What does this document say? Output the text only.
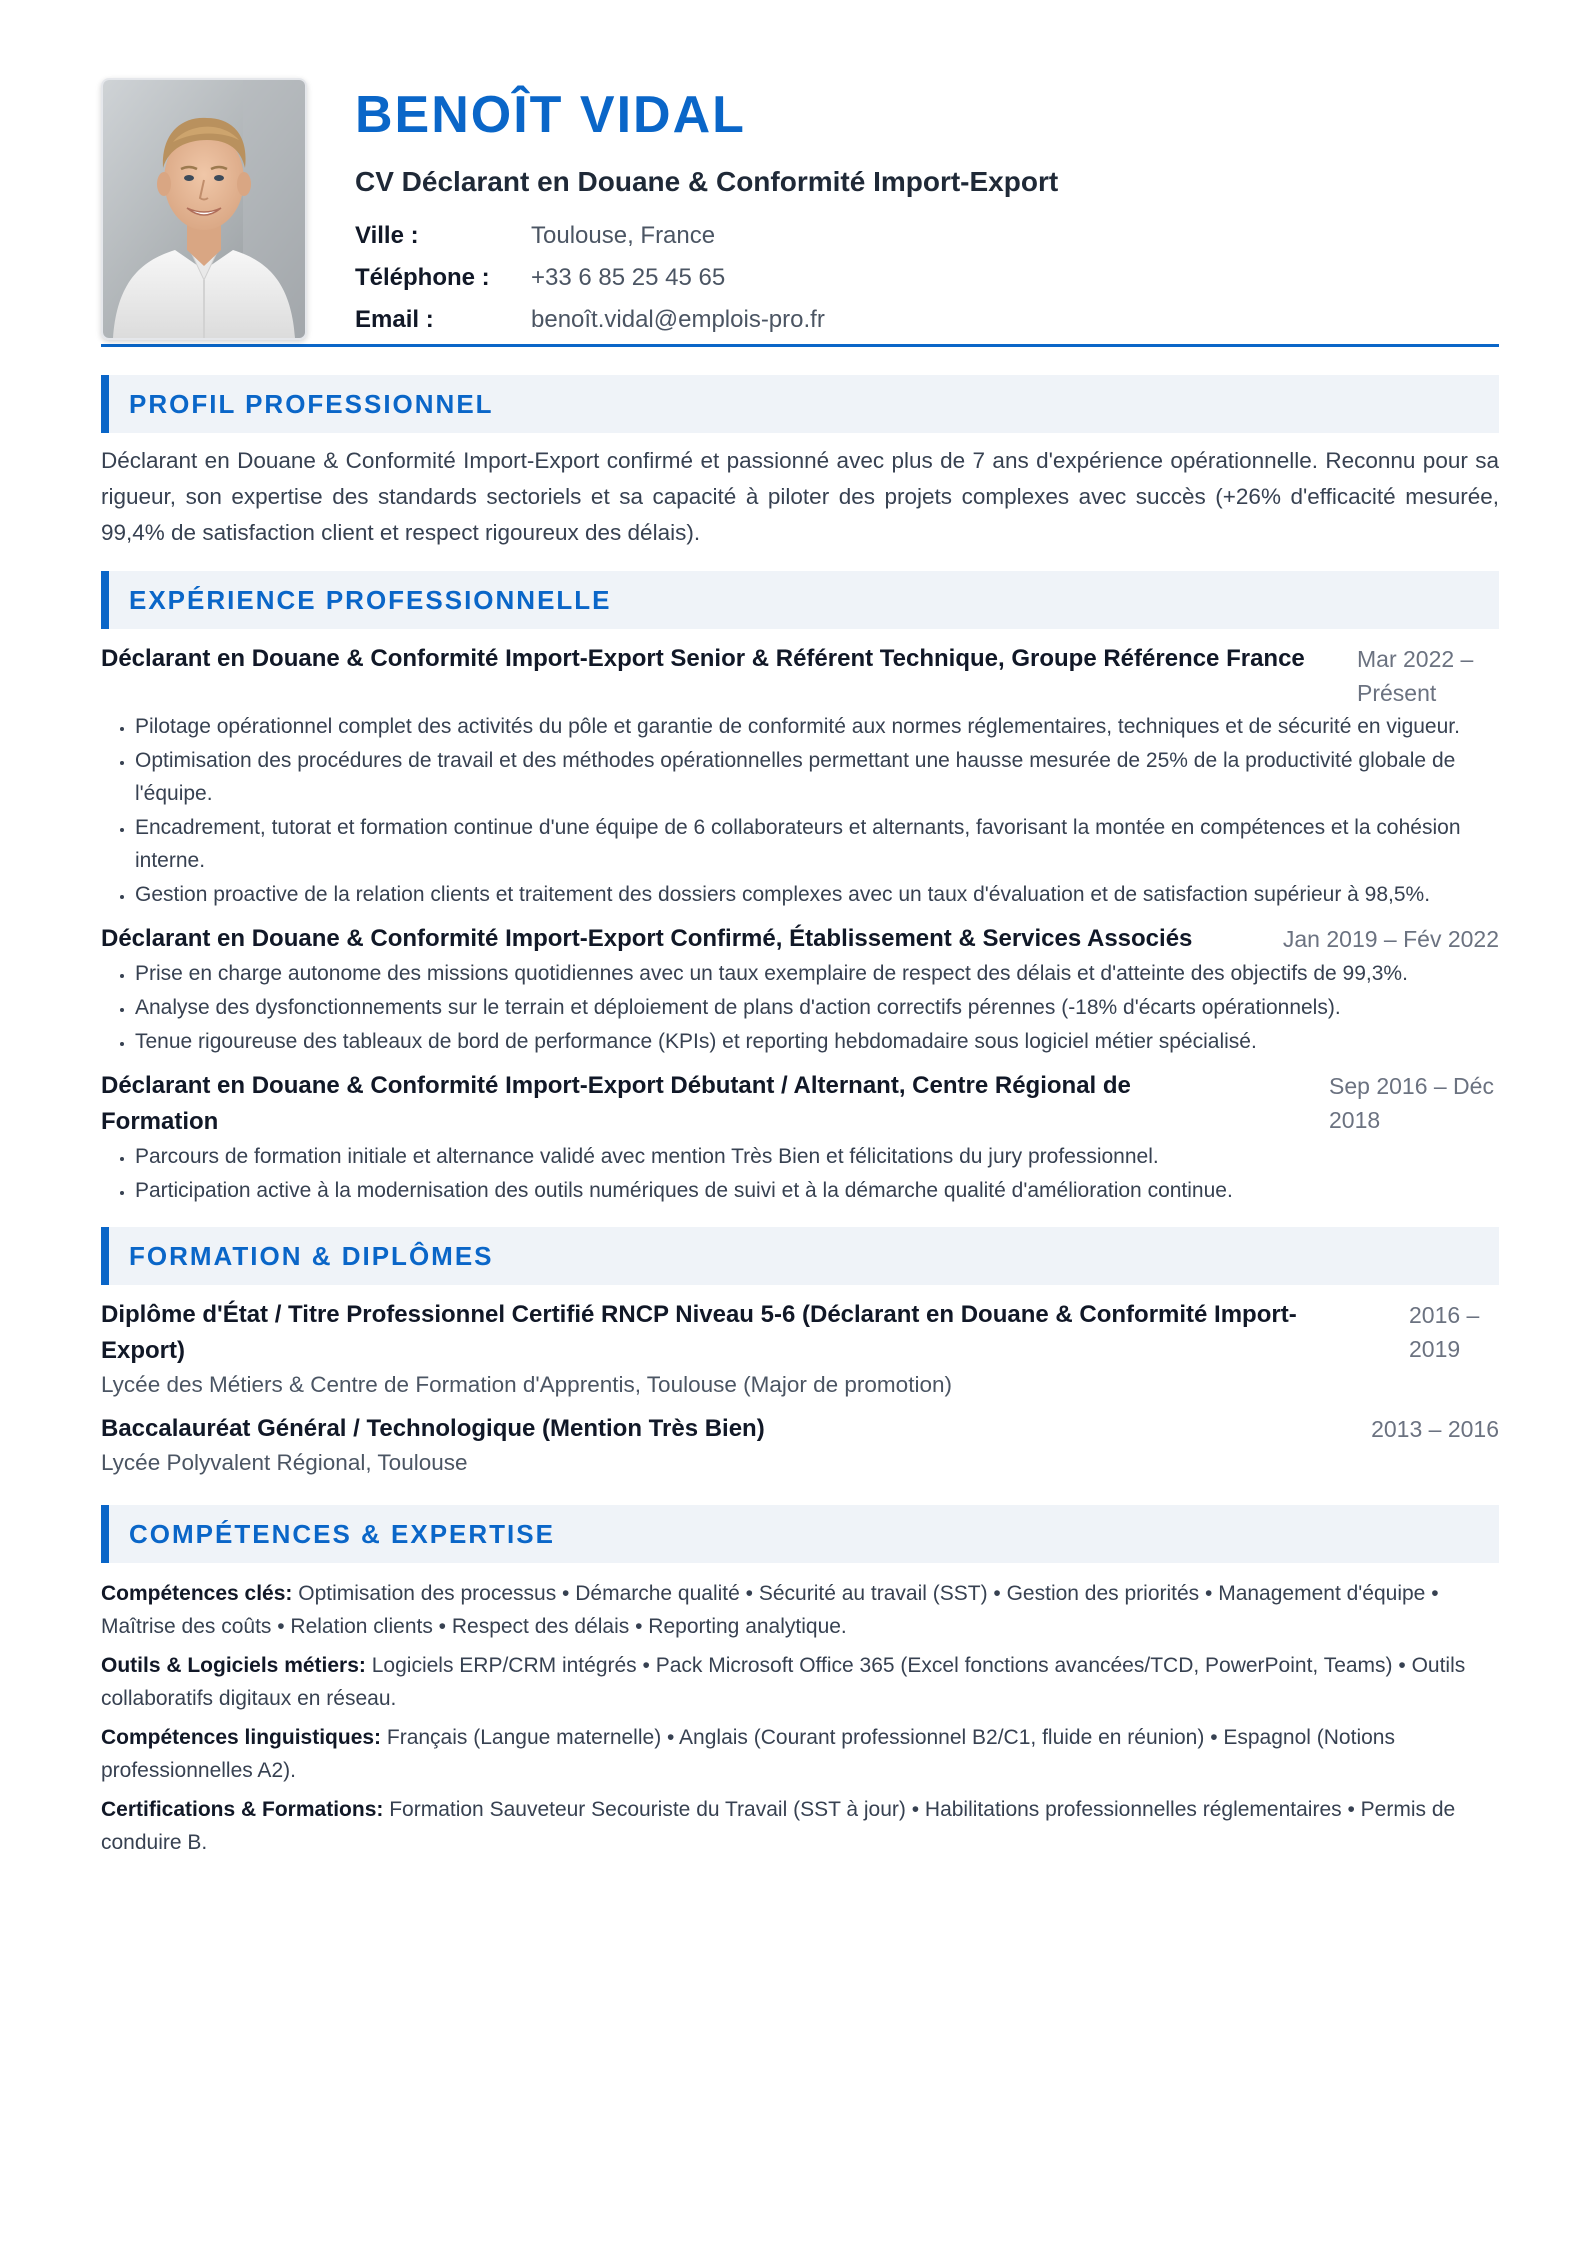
BENOÎT VIDAL
CV Déclarant en Douane & Conformité Import-Export
Ville :	Toulouse, France
Téléphone :	+33 6 85 25 45 65
Email :	benoît.vidal@emplois-pro.fr
PROFIL PROFESSIONNEL

Déclarant en Douane & Conformité Import-Export confirmé et passionné avec plus de 7 ans d'expérience opérationnelle. Reconnu pour sa rigueur, son expertise des standards sectoriels et sa capacité à piloter des projets complexes avec succès (+26% d'efficacité mesurée, 99,4% de satisfaction client et respect rigoureux des délais).

EXPÉRIENCE PROFESSIONNELLE
Déclarant en Douane & Conformité Import-Export Senior & Référent Technique, Groupe Référence France	Mar 2022 – Présent
• Pilotage opérationnel complet des activités du pôle et garantie de conformité aux normes réglementaires, techniques et de sécurité en vigueur.
• Optimisation des procédures de travail et des méthodes opérationnelles permettant une hausse mesurée de 25% de la productivité globale de l'équipe.
• Encadrement, tutorat et formation continue d'une équipe de 6 collaborateurs et alternants, favorisant la montée en compétences et la cohésion interne.
• Gestion proactive de la relation clients et traitement des dossiers complexes avec un taux d'évaluation et de satisfaction supérieur à 98,5%.
Déclarant en Douane & Conformité Import-Export Confirmé, Établissement & Services Associés	Jan 2019 – Fév 2022
• Prise en charge autonome des missions quotidiennes avec un taux exemplaire de respect des délais et d'atteinte des objectifs de 99,3%.
• Analyse des dysfonctionnements sur le terrain et déploiement de plans d'action correctifs pérennes (-18% d'écarts opérationnels).
• Tenue rigoureuse des tableaux de bord de performance (KPIs) et reporting hebdomadaire sous logiciel métier spécialisé.
Déclarant en Douane & Conformité Import-Export Débutant / Alternant, Centre Régional de Formation
Sep 2016 – Déc 2018
• Parcours de formation initiale et alternance validé avec mention Très Bien et félicitations du jury professionnel.
• Participation active à la modernisation des outils numériques de suivi et à la démarche qualité d'amélioration continue.
FORMATION & DIPLÔMES
Diplôme d'État / Titre Professionnel Certifié RNCP Niveau 5-6 (Déclarant en Douane & Conformité Import-Export)
2016 – 2019
Lycée des Métiers & Centre de Formation d'Apprentis, Toulouse (Major de promotion)
Baccalauréat Général / Technologique (Mention Très Bien)	2013 – 2016
Lycée Polyvalent Régional, Toulouse
COMPÉTENCES & EXPERTISE
Compétences clés: Optimisation des processus • Démarche qualité • Sécurité au travail (SST) • Gestion des priorités • Management d'équipe • Maîtrise des coûts • Relation clients • Respect des délais • Reporting analytique.
Outils & Logiciels métiers: Logiciels ERP/CRM intégrés • Pack Microsoft Office 365 (Excel fonctions avancées/TCD, PowerPoint, Teams) • Outils collaboratifs digitaux en réseau.
Compétences linguistiques: Français (Langue maternelle) • Anglais (Courant professionnel B2/C1, fluide en réunion) • Espagnol (Notions professionnelles A2).
Certifications & Formations: Formation Sauveteur Secouriste du Travail (SST à jour) • Habilitations professionnelles réglementaires • Permis de conduire B.
